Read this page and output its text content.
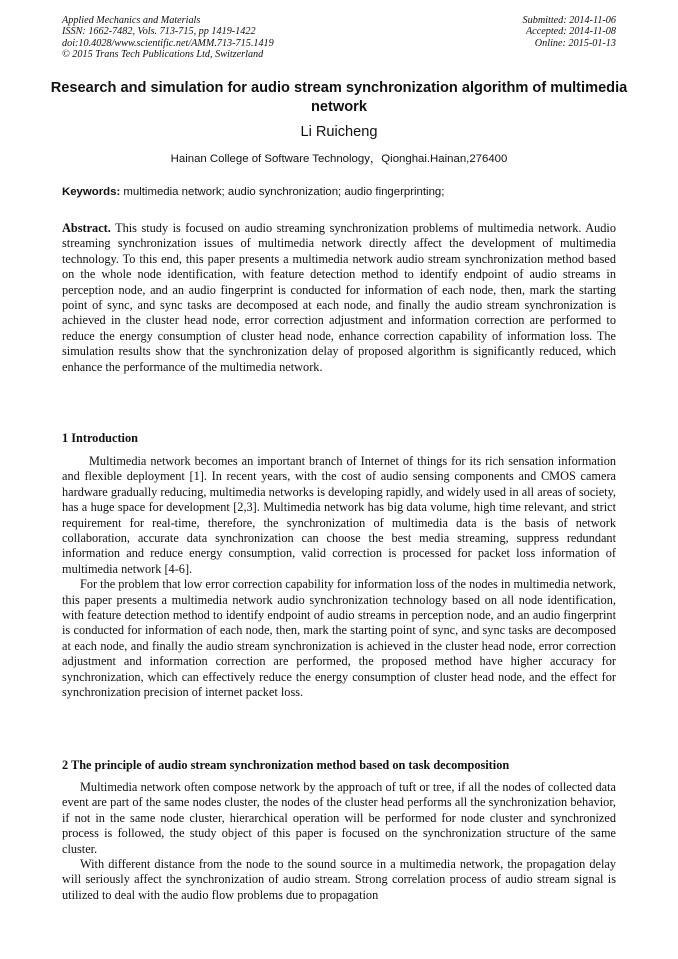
Applied Mechanics and Materials
ISSN: 1662-7482, Vols. 713-715, pp 1419-1422
doi:10.4028/www.scientific.net/AMM.713-715.1419
© 2015 Trans Tech Publications Ltd, Switzerland
Submitted: 2014-11-06
Accepted: 2014-11-08
Online: 2015-01-13
Research and simulation for audio stream synchronization algorithm of multimedia network
Li Ruicheng
Hainan College of Software Technology，Qionghai.Hainan,276400
Keywords: multimedia network; audio synchronization; audio fingerprinting;

Abstract. This study is focused on audio streaming synchronization problems of multimedia network. Audio streaming synchronization issues of multimedia network directly affect the development of multimedia technology. To this end, this paper presents a multimedia network audio stream synchronization method based on the whole node identification, with feature detection method to identify endpoint of audio streams in perception node, and an audio fingerprint is conducted for information of each node, then, mark the starting point of sync, and sync tasks are decomposed at each node, and finally the audio stream synchronization is achieved in the cluster head node, error correction adjustment and information correction are performed to reduce the energy consumption of cluster head node, enhance correction capability of information loss. The simulation results show that the synchronization delay of proposed algorithm is significantly reduced, which enhance the performance of the multimedia network.

1 Introduction

Multimedia network becomes an important branch of Internet of things for its rich sensation information and flexible deployment [1]. In recent years, with the cost of audio sensing components and CMOS camera hardware gradually reducing, multimedia networks is developing rapidly, and widely used in all areas of society, has a huge space for development [2,3]. Multimedia network has big data volume, high time relevant, and strict requirement for real-time, therefore, the synchronization of multimedia data is the basis of network collaboration, accurate data synchronization can choose the best media streaming, suppress redundant information and reduce energy consumption, valid correction is processed for packet loss information of multimedia network [4-6].

For the problem that low error correction capability for information loss of the nodes in multimedia network, this paper presents a multimedia network audio synchronization technology based on all node identification, with feature detection method to identify endpoint of audio streams in perception node, and an audio fingerprint is conducted for information of each node, then, mark the starting point of sync, and sync tasks are decomposed at each node, and finally the audio stream synchronization is achieved in the cluster head node, error correction adjustment and information correction are performed, the proposed method have higher accuracy for synchronization, which can effectively reduce the energy consumption of cluster head node, and the effect for synchronization precision of internet packet loss.

2 The principle of audio stream synchronization method based on task decomposition

Multimedia network often compose network by the approach of tuft or tree, if all the nodes of collected data event are part of the same nodes cluster, the nodes of the cluster head performs all the synchronization behavior, if not in the same node cluster, hierarchical operation will be performed for node cluster and synchronized process is followed, the study object of this paper is focused on the synchronization structure of the same cluster.

With different distance from the node to the sound source in a multimedia network, the propagation delay will seriously affect the synchronization of audio stream. Strong correlation process of audio stream signal is utilized to deal with the audio flow problems due to propagation
